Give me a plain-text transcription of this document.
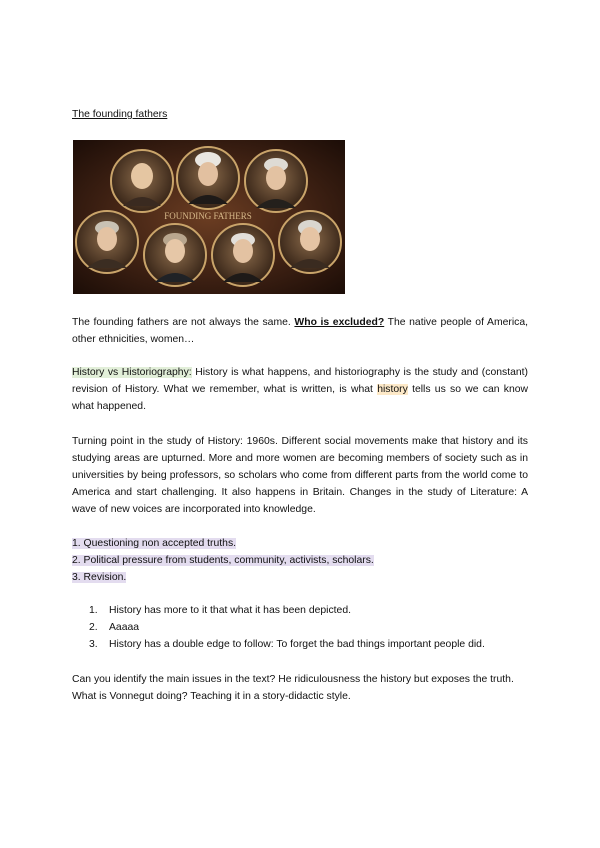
The founding fathers
FOUNDING FATHERS
The founding fathers are not always the same. Who is excluded? The native people of America, other ethnicities, women…
History vs Historiography: History is what happens, and historiography is the study and (constant) revision of History. What we remember, what is written, is what history tells us so we can know what happened.
Turning point in the study of History: 1960s. Different social movements make that history and its studying areas are upturned. More and more women are becoming members of society such as in universities by being professors, so scholars who come from different parts from the world come to America and start challenging. It also happens in Britain. Changes in the study of Literature: A wave of new voices are incorporated into knowledge.
1. Questioning non accepted truths.
2. Political pressure from students, community, activists, scholars.
3. Revision.
1.	History has more to it that what it has been depicted.
2.	Aaaaa
3.	History has a double edge to follow: To forget the bad things important people did.
Can you identify the main issues in the text? He ridiculousness the history but exposes the truth.
What is Vonnegut doing? Teaching it in a story-didactic style.
